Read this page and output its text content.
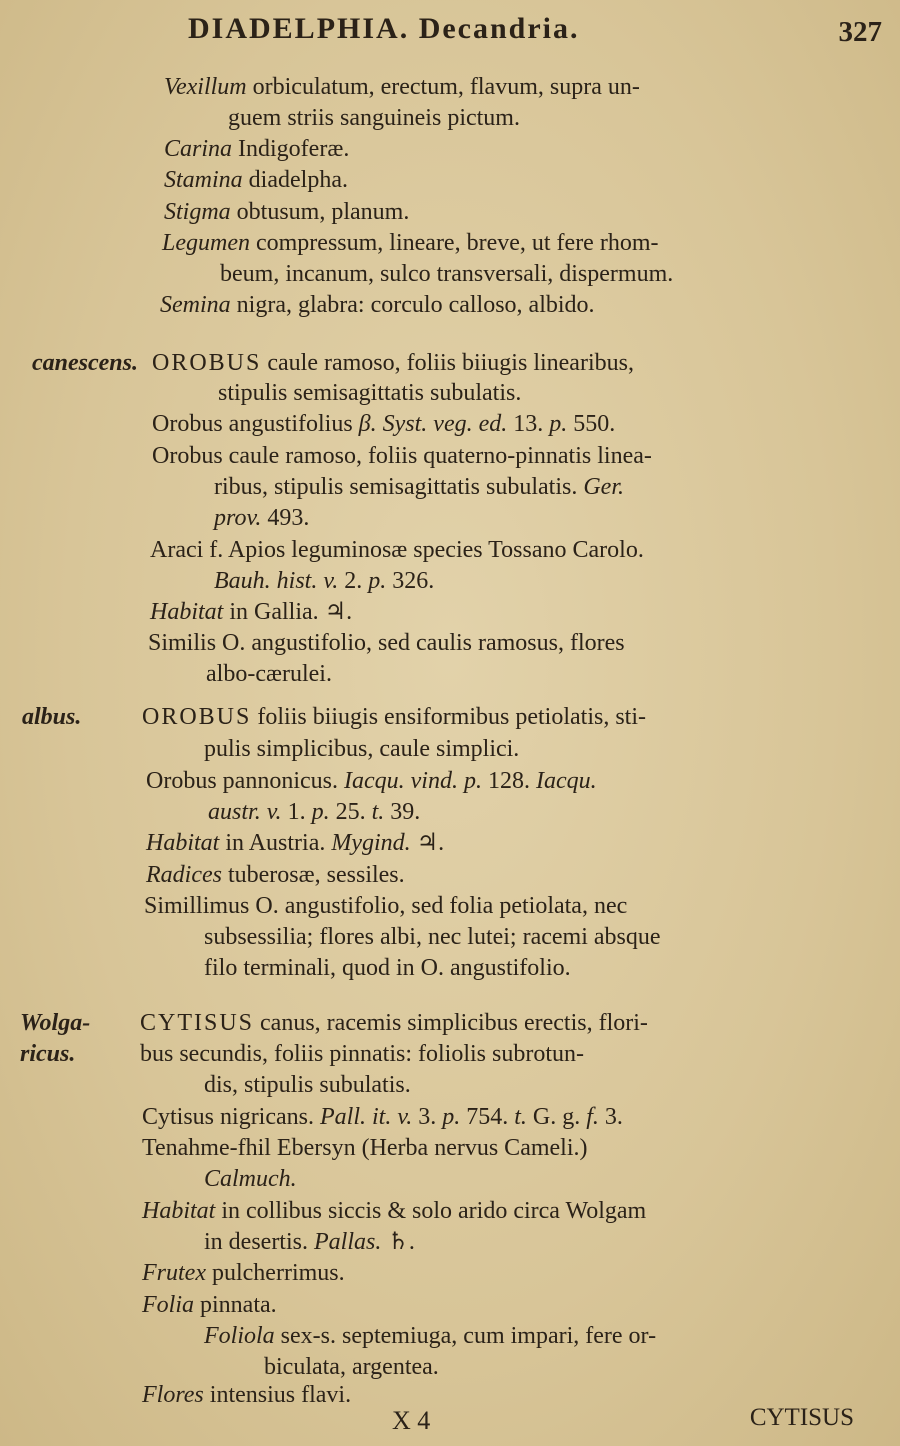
DIADELPHIA. Decandria.	327
Vexillum orbiculatum, erectum, flavum, supra un-
guem striis sanguineis pictum.
Carina Indigoferæ.
Stamina diadelpha.
Stigma obtusum, planum.
Legumen compressum, lineare, breve, ut fere rhom-
beum, incanum, sulco transversali, dispermum.
Semina nigra, glabra: corculo calloso, albido.
canescens. OROBUS caule ramoso, foliis biiugis linearibus,
stipulis semisagittatis subulatis.
Orobus angustifolius β. Syst. veg. ed. 13. p. 550.
Orobus caule ramoso, foliis quaterno-pinnatis linea-
ribus, stipulis semisagittatis subulatis. Ger.
prov. 493.
Araci f. Apios leguminosæ species Tossano Carolo.
Bauh. hist. v. 2. p. 326.
Habitat in Gallia. ♃.
Similis O. angustifolio, sed caulis ramosus, flores
albo-cærulei.
albus.	OROBUS foliis biiugis ensiformibus petiolatis, sti-
pulis simplicibus, caule simplici.
Orobus pannonicus. Iacqu. vind. p. 128. Iacqu.
austr. v. 1. p. 25. t. 39.
Habitat in Austria. Mygind. ♃.
Radices tuberosæ, sessiles.
Simillimus O. angustifolio, sed folia petiolata, nec
subsessilia; flores albi, nec lutei; racemi absque
filo terminali, quod in O. angustifolio.
Wolga- CYTISUS canus, racemis simplicibus erectis, flori-
ricus.	bus secundis, foliis pinnatis: foliolis subrotun-
dis, stipulis subulatis.
Cytisus nigricans. Pall. it. v. 3. p. 754. t. G. g. f. 3.
Tenahme-fhil Ebersyn (Herba nervus Cameli.)
Calmuch.
Habitat in collibus siccis & solo arido circa Wolgam
in desertis. Pallas. ♄.
Frutex pulcherrimus.
Folia pinnata.
Foliola sex-s. septemiuga, cum impari, fere or-
biculata, argentea.
Flores intensius flavi.
X 4	CYTISUS
